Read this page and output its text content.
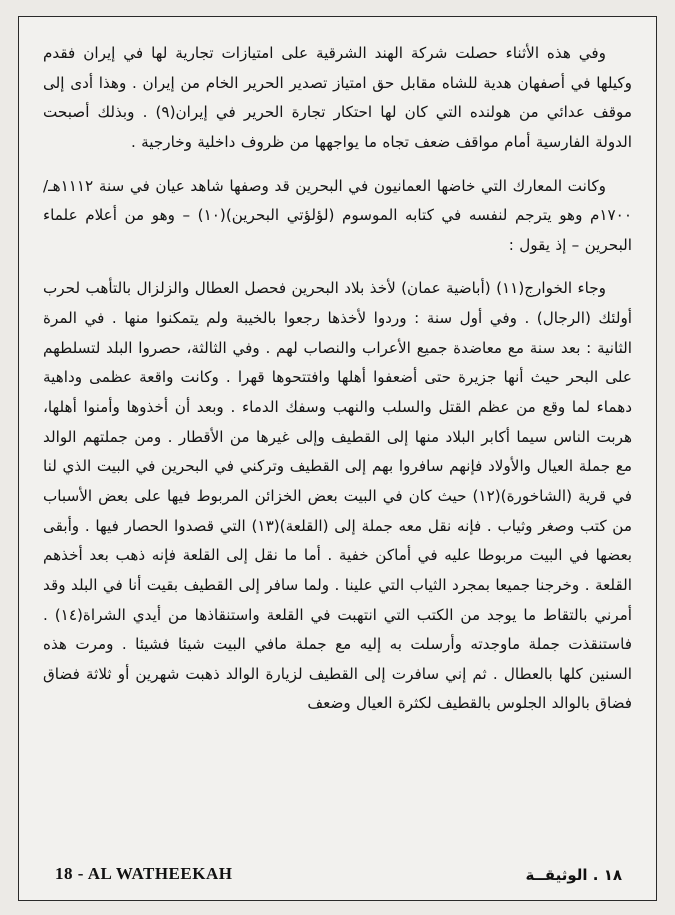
وفي هذه الأثناء حصلت شركة الهند الشرقية على امتيازات تجارية لها في إيران فقدم وكيلها في أصفهان هدية للشاه مقابل حق امتياز تصدير الحرير الخام من إيران . وهذا أدى إلى موقف عدائي من هولنده التي كان لها احتكار تجارة الحرير في إيران(٩) . وبذلك أصبحت الدولة الفارسية أمام مواقف ضعف تجاه ما يواجهها من ظروف داخلية وخارجية .

وكانت المعارك التي خاضها العمانيون في البحرين قد وصفها شاهد عيان في سنة ١١١٢هـ/١٧٠٠م وهو يترجم لنفسه في كتابه الموسوم (لؤلؤتي البحرين)(١٠) – وهو من أعلام علماء البحرين – إذ يقول :

وجاء الخوارج(١١) (أباضية عمان) لأخذ بلاد البحرين فحصل العطال والزلزال بالتأهب لحرب أولئك (الرجال) . وفي أول سنة : وردوا لأخذها رجعوا بالخيبة ولم يتمكنوا منها . في المرة الثانية : بعد سنة مع معاضدة جميع الأعراب والنصاب لهم . وفي الثالثة، حصروا البلد لتسلطهم على البحر حيث أنها جزيرة حتى أضعفوا أهلها وافتتحوها قهرا . وكانت واقعة عظمى وداهية دهماء لما وقع من عظم القتل والسلب والنهب وسفك الدماء . وبعد أن أخذوها وأمنوا أهلها، هربت الناس سيما أكابر البلاد منها إلى القطيف وإلى غيرها من الأقطار . ومن جملتهم الوالد مع جملة العيال والأولاد فإنهم سافروا بهم إلى القطيف وتركني في البحرين في البيت الذي لنا في قرية (الشاخورة)(١٢) حيث كان في البيت بعض الخزائن المربوط فيها على بعض الأسباب من كتب وصغر وثياب . فإنه نقل معه جملة إلى (القلعة)(١٣) التي قصدوا الحصار فيها . وأبقى بعضها في البيت مربوطا عليه في أماكن خفية . أما ما نقل إلى القلعة فإنه ذهب بعد أخذهم القلعة . وخرجنا جميعا بمجرد الثياب التي علينا . ولما سافر إلى القطيف بقيت أنا في البلد وقد أمرني بالتقاط ما يوجد من الكتب التي انتهبت في القلعة واستنقاذها من أيدي الشراة(١٤) . فاستنقذت جملة ماوجدته وأرسلت به إليه مع جملة مافي البيت شيئا فشيئا . ومرت هذه السنين كلها بالعطال . ثم إني سافرت إلى القطيف لزيارة الوالد ذهبت شهرين أو ثلاثة فضاق فضاق بالوالد الجلوس بالقطيف لكثرة العيال وضعف

18 - AL WATHEEKAH	١٨ . الوثيقــة
